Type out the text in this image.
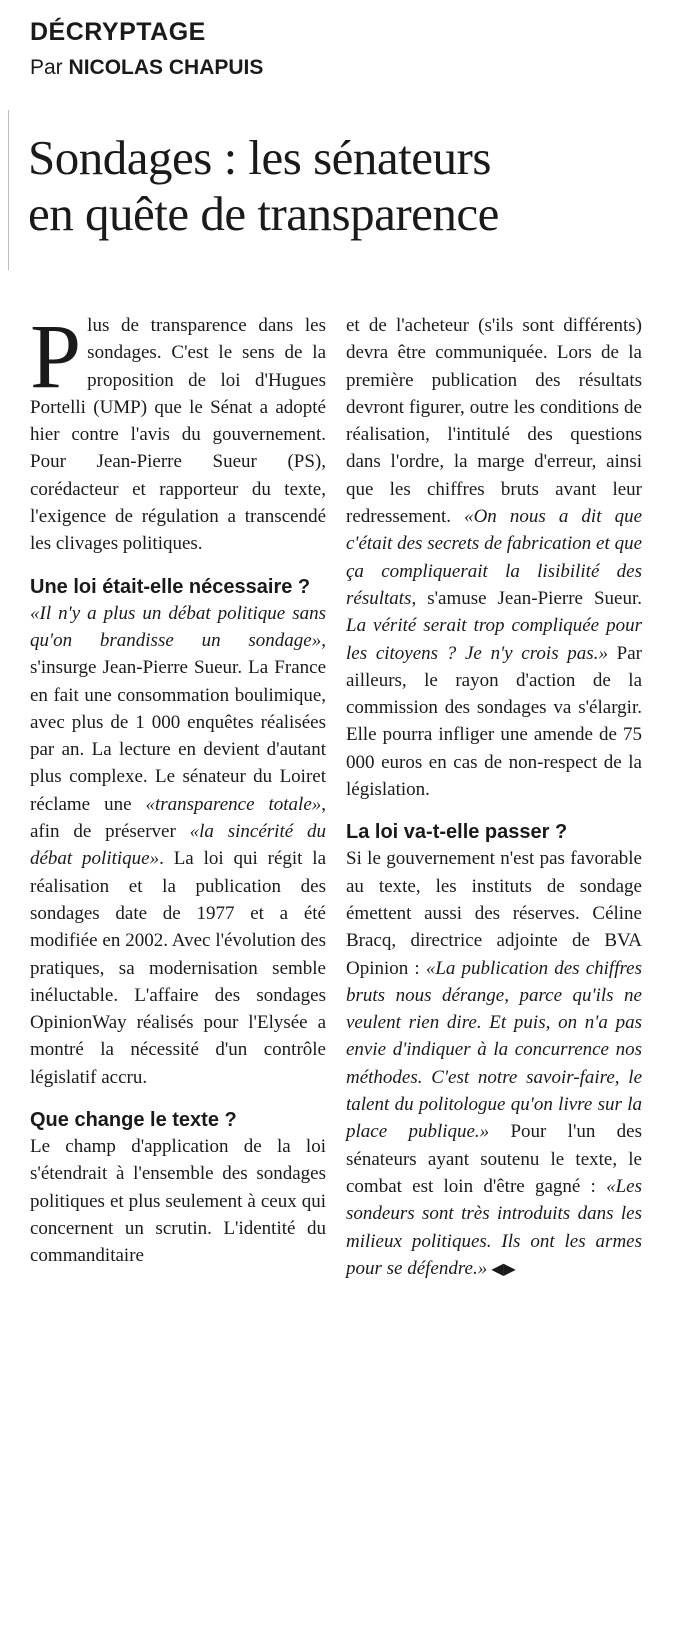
DÉCRYPTAGE
Par NICOLAS CHAPUIS
Sondages : les sénateurs
en quête de transparence

Plus de transparence dans les sondages. C'est le sens de la proposition de loi d'Hugues Portelli (UMP) que le Sénat a adopté hier contre l'avis du gouvernement. Pour Jean-Pierre Sueur (PS), corédacteur et rapporteur du texte, l'exigence de régulation a transcendé les clivages politiques.

Une loi était-elle nécessaire ?

«Il n'y a plus un débat politique sans qu'on brandisse un sondage», s'insurge Jean-Pierre Sueur. La France en fait une consommation boulimique, avec plus de 1 000 enquêtes réalisées par an. La lecture en devient d'autant plus complexe. Le sénateur du Loiret réclame une «transparence totale», afin de préserver «la sincérité du débat politique». La loi qui régit la réalisation et la publication des sondages date de 1977 et a été modifiée en 2002. Avec l'évolution des pratiques, sa modernisation semble inéluctable. L'affaire des sondages OpinionWay réalisés pour l'Elysée a montré la nécessité d'un contrôle législatif accru.

Que change le texte ?

Le champ d'application de la loi s'étendrait à l'ensemble des sondages politiques et plus seulement à ceux qui concernent un scrutin. L'identité du commanditaire

et de l'acheteur (s'ils sont différents) devra être communiquée. Lors de la première publication des résultats devront figurer, outre les conditions de réalisation, l'intitulé des questions dans l'ordre, la marge d'erreur, ainsi que les chiffres bruts avant leur redressement. «On nous a dit que c'était des secrets de fabrication et que ça compliquerait la lisibilité des résultats, s'amuse Jean-Pierre Sueur. La vérité serait trop compliquée pour les citoyens ? Je n'y crois pas.» Par ailleurs, le rayon d'action de la commission des sondages va s'élargir. Elle pourra infliger une amende de 75 000 euros en cas de non-respect de la législation.

La loi va-t-elle passer ?

Si le gouvernement n'est pas favorable au texte, les instituts de sondage émettent aussi des réserves. Céline Bracq, directrice adjointe de BVA Opinion : «La publication des chiffres bruts nous dérange, parce qu'ils ne veulent rien dire. Et puis, on n'a pas envie d'indiquer à la concurrence nos méthodes. C'est notre savoir-faire, le talent du politologue qu'on livre sur la place publique.» Pour l'un des sénateurs ayant soutenu le texte, le combat est loin d'être gagné : «Les sondeurs sont très introduits dans les milieux politiques. Ils ont les armes pour se défendre.» ◀▶
